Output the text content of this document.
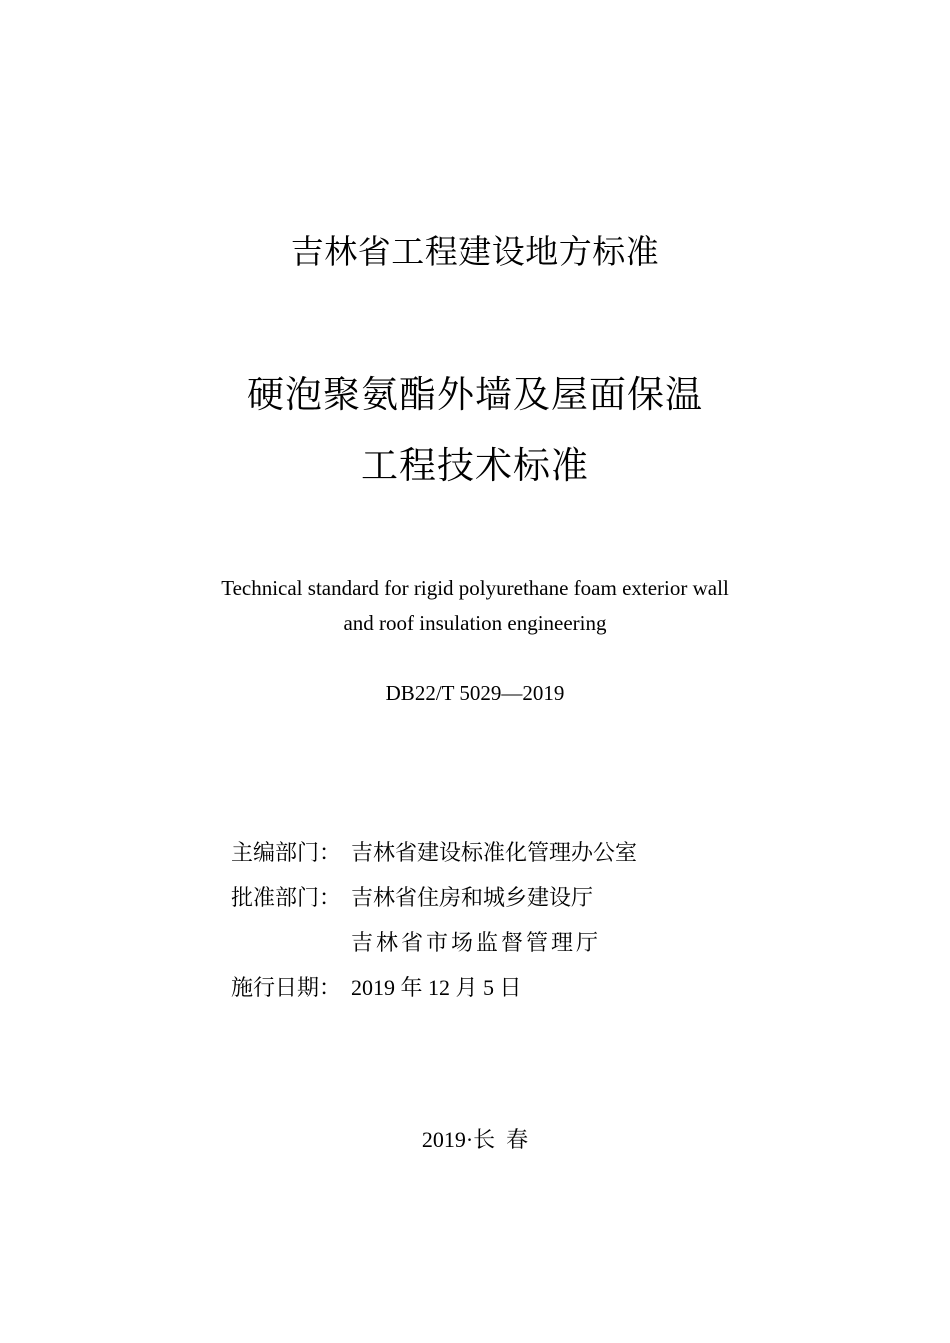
吉林省工程建设地方标准
硬泡聚氨酯外墙及屋面保温
工程技术标准
Technical standard for rigid polyurethane foam exterior wall
and roof insulation engineering
DB22/T 5029—2019
主编部门： 吉林省建设标准化管理办公室
批准部门： 吉林省住房和城乡建设厅
吉林省市场监督管理厅
施行日期： 2019 年 12 月 5 日
2019·长  春
